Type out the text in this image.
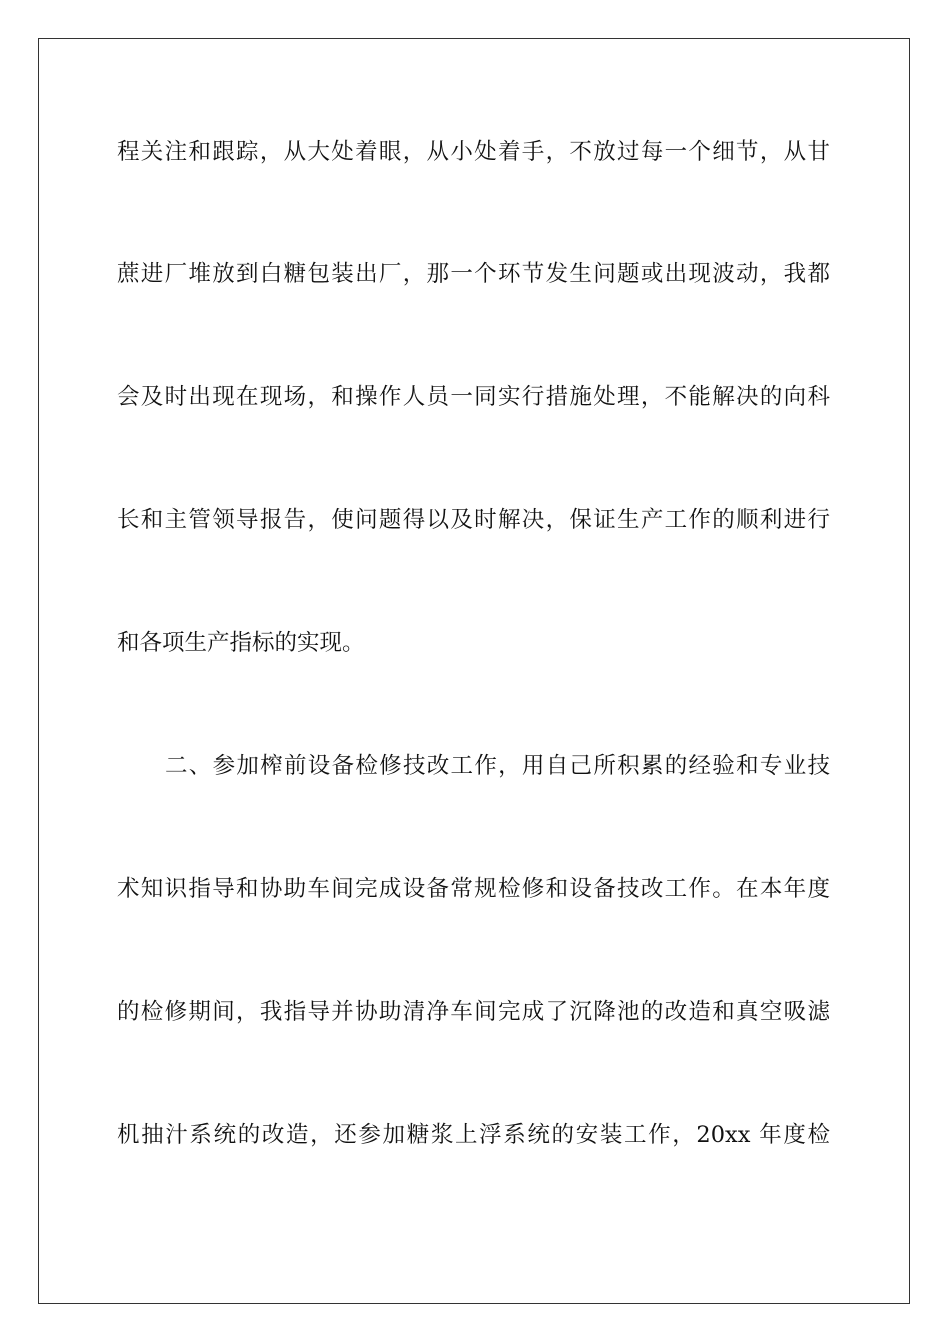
程关注和跟踪，从大处着眼，从小处着手，不放过每一个细节，从甘
蔗进厂堆放到白糖包装出厂，那一个环节发生问题或出现波动，我都
会及时出现在现场，和操作人员一同实行措施处理，不能解决的向科
长和主管领导报告，使问题得以及时解决，保证生产工作的顺利进行
和各项生产指标的实现。
二、参加榨前设备检修技改工作，用自己所积累的经验和专业技
术知识指导和协助车间完成设备常规检修和设备技改工作。在本年度
的检修期间，我指导并协助清净车间完成了沉降池的改造和真空吸滤
机抽汁系统的改造，还参加糖浆上浮系统的安装工作，20xx 年度检
